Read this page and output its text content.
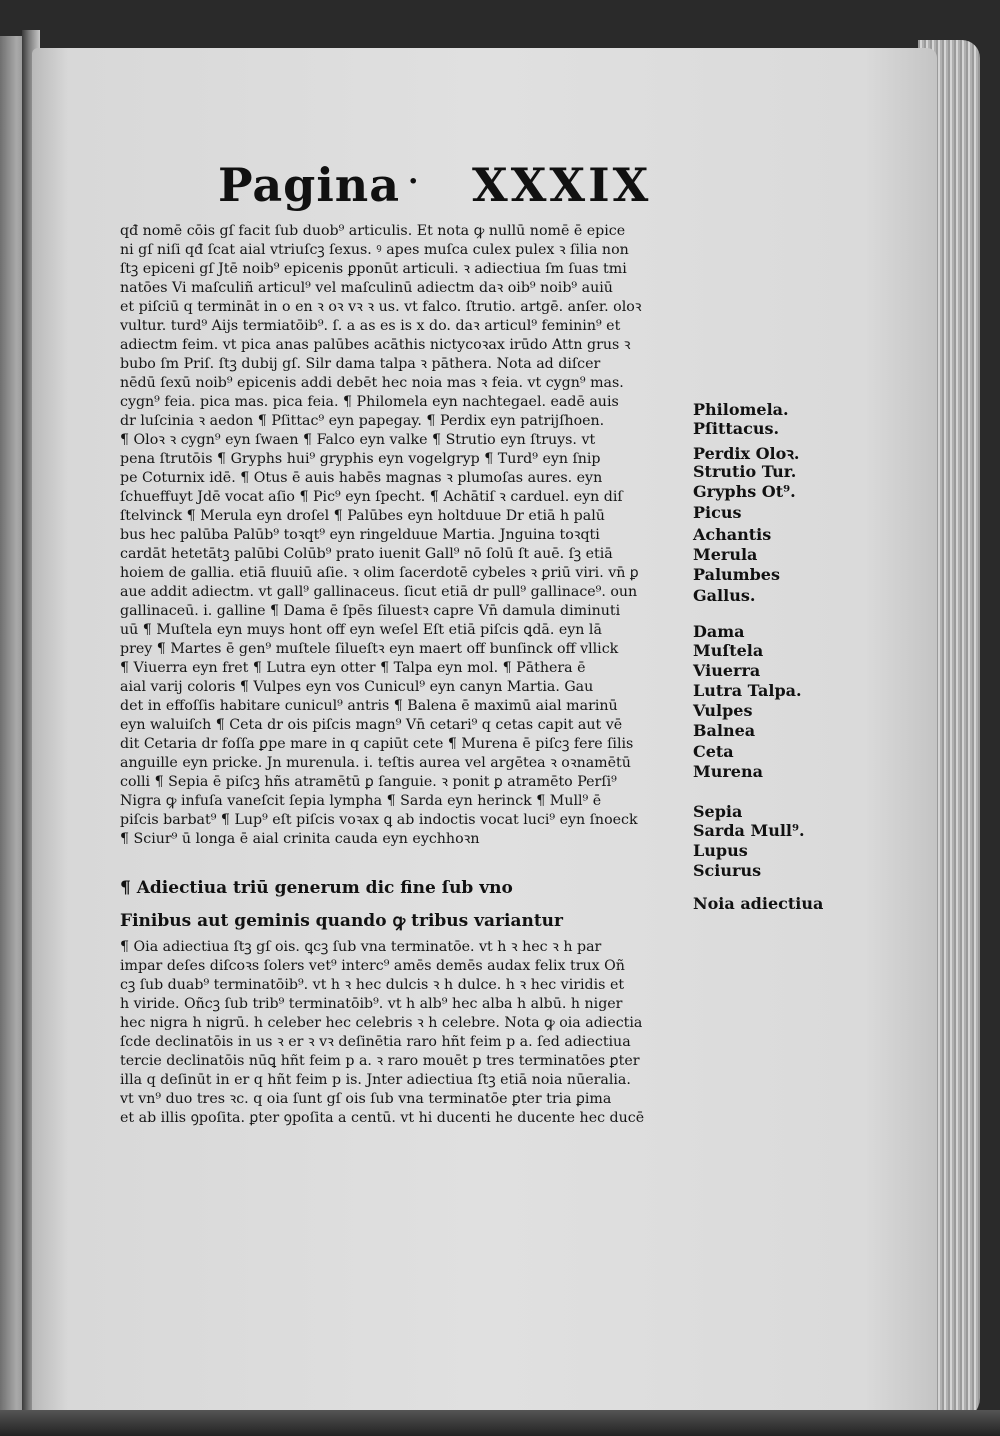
Pagina · XXXIX
qđ nomē cōis gſ facit ſub duob⁹ articulis. Et nota ꝙ nullū nomē ē epice
ni gſ niſi qđ ſcat aial vtriuſcꝫ ſexus. ꝰ apes muſca culex pulex ꝛ ſilia non
ſtꝫ epiceni gſ Jtē noib⁹ epicenis ꝑponūt articuli. ꝛ adiectiua ſm ſuas tmi
natōes Vi maſculiñ articul⁹ vel maſculinū adiectm daꝛ oib⁹ noib⁹ auiū
et piſciū q termināt in o en ꝛ oꝛ vꝛ ꝛ us. vt falco. ſtrutio. artgē. anſer. oloꝛ
vultur. turd⁹ Aijs termiatōib⁹. ſ. a as es is x do. daꝛ articul⁹ feminin⁹ et
adiectm feim. vt pica anas palūbes acāthis nictycoꝛax irūdo Attn grus ꝛ
bubo ſm Priſ. ſtꝫ dubij gſ. Silr dama talpa ꝛ pāthera. Nota ad diſcer
nēdū ſexū noib⁹ epicenis addi debēt hec noia mas ꝛ feia. vt cygn⁹ mas.
cygn⁹ feia. pica mas. pica feia. ¶ Philomela eyn nachtegael. eadē auis
dr luſcinia ꝛ aedon ¶ Pſittac⁹ eyn papegay. ¶ Perdix eyn patrijſhoen.
¶ Oloꝛ ꝛ cygn⁹ eyn ſwaen ¶ Falco eyn valke ¶ Strutio eyn ſtruys. vt
pena ſtrutōis ¶ Gryphs hui⁹ gryphis eyn vogelgryp ¶ Turd⁹ eyn ſnip
pe Coturnix idē. ¶ Otus ē auis habēs magnas ꝛ plumoſas aures. eyn
ſchueffuyt Jdē vocat aſio ¶ Pic⁹ eyn ſpecht. ¶ Achātiſ ꝛ carduel. eyn diſ
ſtelvinck ¶ Merula eyn droſel ¶ Palūbes eyn holtduue Dr etiā h palū
bus hec palūba Palūb⁹ toꝛqt⁹ eyn ringelduue Martia. Jnguina toꝛqti
cardāt hetetātꝫ palūbi Colūb⁹ prato iuenit Gall⁹ nō ſolū ſt auē. ſꝫ etiā
hoiem de gallia. etiā fluuiū aſie. ꝛ olim ſacerdotē cybeles ꝛ ꝑriū viri. vn̄ ꝑ
aue addit adiectm. vt gall⁹ gallinaceus. ſicut etiā dr pull⁹ gallinace⁹. oun
gallinaceū. i. galline ¶ Dama ē ſpēs ſiluestꝛ capre Vn̄ damula diminuti
uū ¶ Muſtela eyn muys hont off eyn weſel Eſt etiā piſcis ꝗdā. eyn lā
prey ¶ Martes ē gen⁹ muſtele ſilueſtꝛ eyn maert off bunſinck off vllick
¶ Viuerra eyn fret ¶ Lutra eyn otter ¶ Talpa eyn mol. ¶ Pāthera ē
aial varij coloris ¶ Vulpes eyn vos Cunicul⁹ eyn canyn Martia. Gau
det in effoſſis habitare cunicul⁹ antris ¶ Balena ē maximū aial marinū
eyn waluiſch ¶ Ceta dr ois piſcis magn⁹ Vn̄ cetari⁹ q cetas capit aut vē
dit Cetaria dr foſſa ꝑpe mare in q capiūt cete ¶ Murena ē piſcꝫ fere ſilis
anguille eyn pricke. Jn murenula. i. teſtis aurea vel argētea ꝛ oꝛnamētū
colli ¶ Sepia ē piſcꝫ hñs atramētū ꝑ ſanguie. ꝛ ponit ꝑ atramēto Perſi⁹
Nigra ꝙ infuſa vaneſcit ſepia lympha ¶ Sarda eyn herinck ¶ Mull⁹ ē
piſcis barbat⁹ ¶ Lup⁹ eſt piſcis voꝛax ꝗ ab indoctis vocat luci⁹ eyn ſnoeck
¶ Sciur⁹ ū longa ē aial crinita cauda eyn eychhoꝛn
¶ Adiectiua triū generum dic fine ſub vno
Finibus aut geminis quando ꝙ tribus variantur
¶ Oia adiectiua ſtꝫ gſ ois. ꝗcꝫ ſub vna terminatōe. vt h ꝛ hec ꝛ h par
impar deſes diſcoꝛs ſolers vet⁹ interc⁹ amēs demēs audax felix trux Oñ
cꝫ ſub duab⁹ terminatōib⁹. vt h ꝛ hec dulcis ꝛ h dulce. h ꝛ hec viridis et
h viride. Oñcꝫ ſub trib⁹ terminatōib⁹. vt h alb⁹ hec alba h albū. h niger
hec nigra h nigrū. h celeber hec celebris ꝛ h celebre. Nota ꝙ oia adiectia
ſcde declinatōis in us ꝛ er ꝛ vꝛ deſinētia raro hñt feim p a. ſed adiectiua
tercie declinatōis nūꝗ hñt feim p a. ꝛ raro mouēt p tres terminatōes ꝑter
illa q deſinūt in er q hñt feim p is. Jnter adiectiua ſtꝫ etiā noia nūeralia.
vt vn⁹ duo tres ꝛc. q oia ſunt gſ ois ſub vna terminatōe ꝑter tria ꝑima
et ab illis ꝯpoſita. ꝑter ꝯpoſita a centū. vt hi ducenti he ducente hec ducē
Philomela.
Pſittacus.
Perdix Oloꝛ.
Strutio Tur.
Gryphs Ot⁹.
Picus
Achantis
Merula
Palumbes
Gallus.
Dama
Muſtela
Viuerra
Lutra Talpa.
Vulpes
Balnea
Ceta
Murena
Sepia
Sarda Mull⁹.
Lupus
Sciurus
Noia adiectiua
